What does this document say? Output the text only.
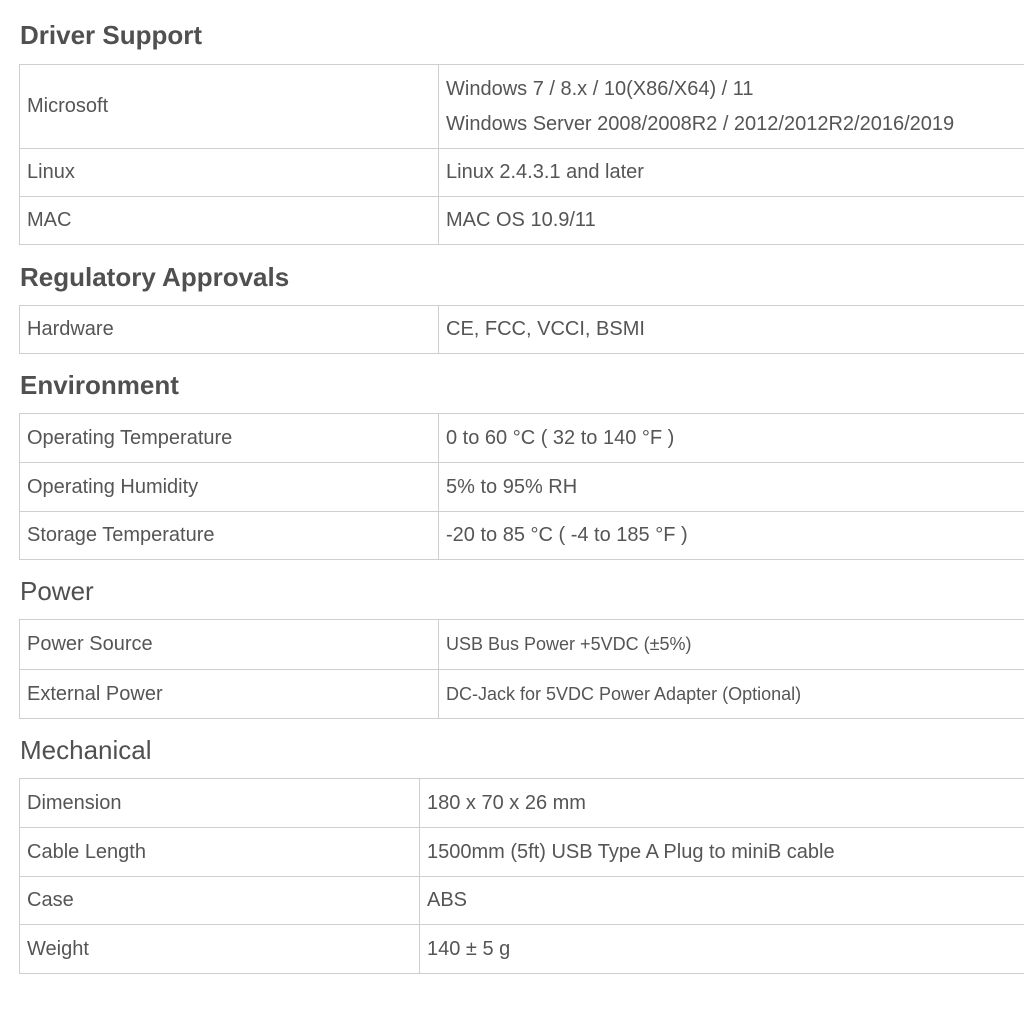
Driver Support
Microsoft	Windows 7 / 8.x / 10(X86/X64) / 11
Windows Server 2008/2008R2 / 2012/2012R2/2016/2019

Linux	Linux 2.4.3.1 and later
MAC	MAC OS 10.9/11
Regulatory Approvals
Hardware	CE, FCC, VCCI, BSMI
Environment
Operating Temperature	0 to 60 °C ( 32 to 140 °F )
Operating Humidity	5% to 95% RH
Storage Temperature	-20 to 85 °C ( -4 to 185 °F )
Power
Power Source	USB Bus Power +5VDC (±5%)
External Power	DC-Jack for 5VDC Power Adapter (Optional)
Mechanical
Dimension	180 x 70 x 26 mm
Cable Length	1500mm (5ft) USB Type A Plug to miniB cable
Case	ABS
Weight	140 ± 5 g
